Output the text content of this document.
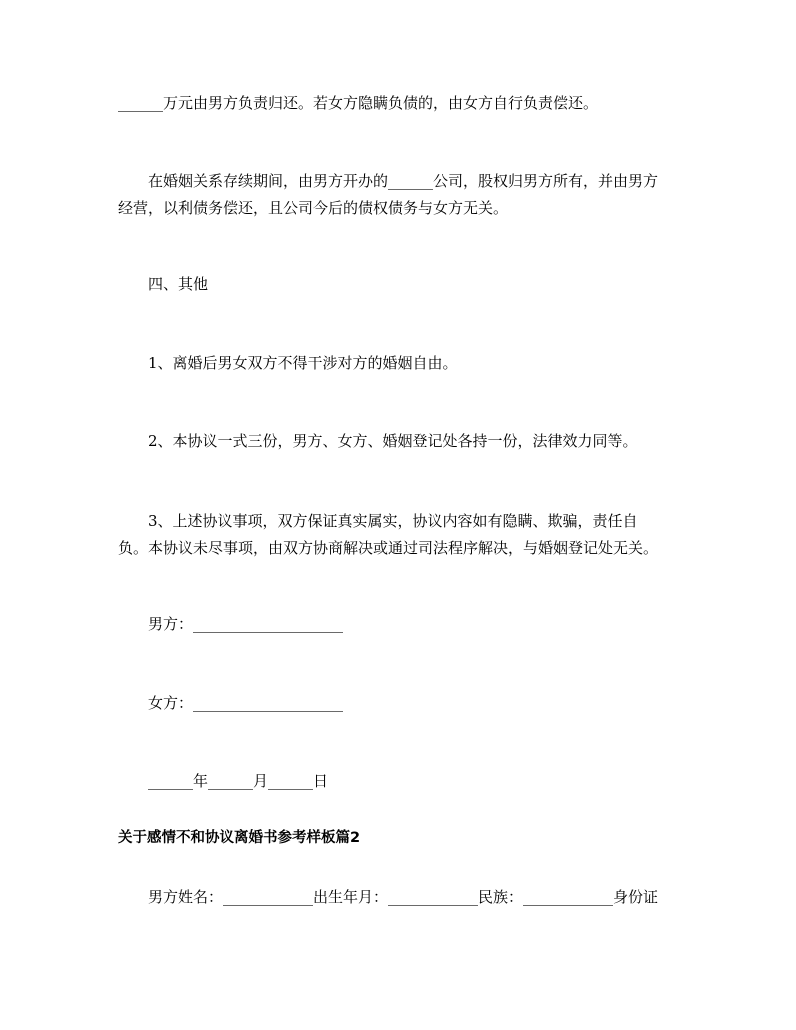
______万元由男方负责归还。若女方隐瞒负债的，由女方自行负责偿还。
在婚姻关系存续期间，由男方开办的______公司，股权归男方所有，并由男方
经营，以利债务偿还，且公司今后的债权债务与女方无关。
四、其他
1、离婚后男女双方不得干涉对方的婚姻自由。
2、本协议一式三份，男方、女方、婚姻登记处各持一份，法律效力同等。
3、上述协议事项，双方保证真实属实，协议内容如有隐瞒、欺骗，责任自
负。本协议未尽事项，由双方协商解决或通过司法程序解决，与婚姻登记处无关。
男方：____________________
女方：____________________
______年______月______日
关于感情不和协议离婚书参考样板篇2
男方姓名：____________出生年月：____________民族：____________身份证
